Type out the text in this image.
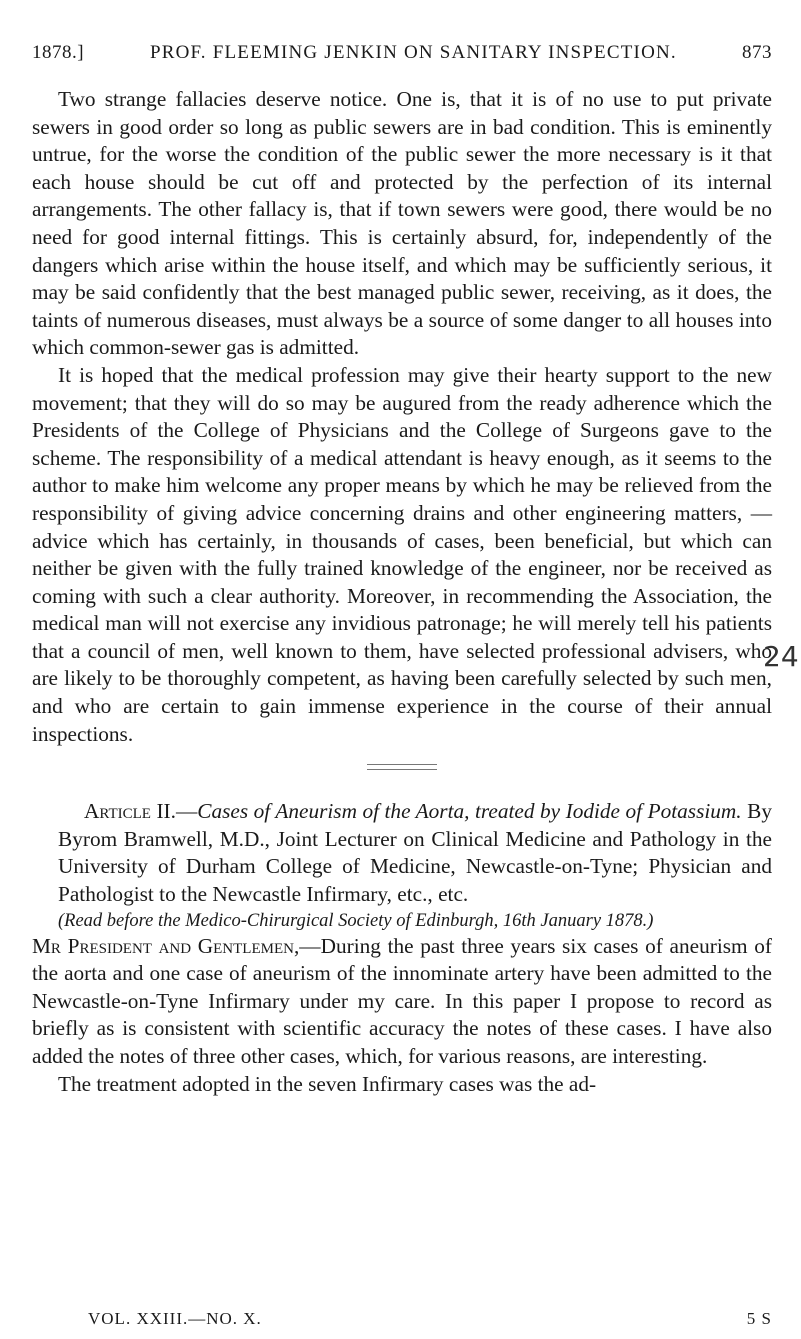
1878.]	PROF. FLEEMING JENKIN ON SANITARY INSPECTION.	873

Two strange fallacies deserve notice. One is, that it is of no use to put private sewers in good order so long as public sewers are in bad condition. This is eminently untrue, for the worse the condition of the public sewer the more necessary is it that each house should be cut off and protected by the perfection of its internal arrangements. The other fallacy is, that if town sewers were good, there would be no need for good internal fittings. This is certainly absurd, for, independently of the dangers which arise within the house itself, and which may be sufficiently serious, it may be said confidently that the best managed public sewer, receiving, as it does, the taints of numerous diseases, must always be a source of some danger to all houses into which common-sewer gas is admitted.

It is hoped that the medical profession may give their hearty support to the new movement; that they will do so may be augured from the ready adherence which the Presidents of the College of Physicians and the College of Surgeons gave to the scheme. The responsibility of a medical attendant is heavy enough, as it seems to the author to make him welcome any proper means by which he may be relieved from the responsibility of giving advice concerning drains and other engineering matters, —advice which has certainly, in thousands of cases, been beneficial, but which can neither be given with the fully trained knowledge of the engineer, nor be received as coming with such a clear authority. Moreover, in recommending the Association, the medical man will not exercise any invidious patronage; he will merely tell his patients that a council of men, well known to them, have selected professional advisers, who are likely to be thoroughly competent, as having been carefully selected by such men, and who are certain to gain immense experience in the course of their annual inspections.

Article II.—Cases of Aneurism of the Aorta, treated by Iodide of Potassium. By Byrom Bramwell, M.D., Joint Lecturer on Clinical Medicine and Pathology in the University of Durham College of Medicine, Newcastle-on-Tyne; Physician and Pathologist to the Newcastle Infirmary, etc., etc.

(Read before the Medico-Chirurgical Society of Edinburgh, 16th January 1878.)

Mr President and Gentlemen,—During the past three years six cases of aneurism of the aorta and one case of aneurism of the innominate artery have been admitted to the Newcastle-on-Tyne Infirmary under my care. In this paper I propose to record as briefly as is consistent with scientific accuracy the notes of these cases. I have also added the notes of three other cases, which, for various reasons, are interesting.

The treatment adopted in the seven Infirmary cases was the ad-

24
VOL. XXIII.—NO. X.	5 S
